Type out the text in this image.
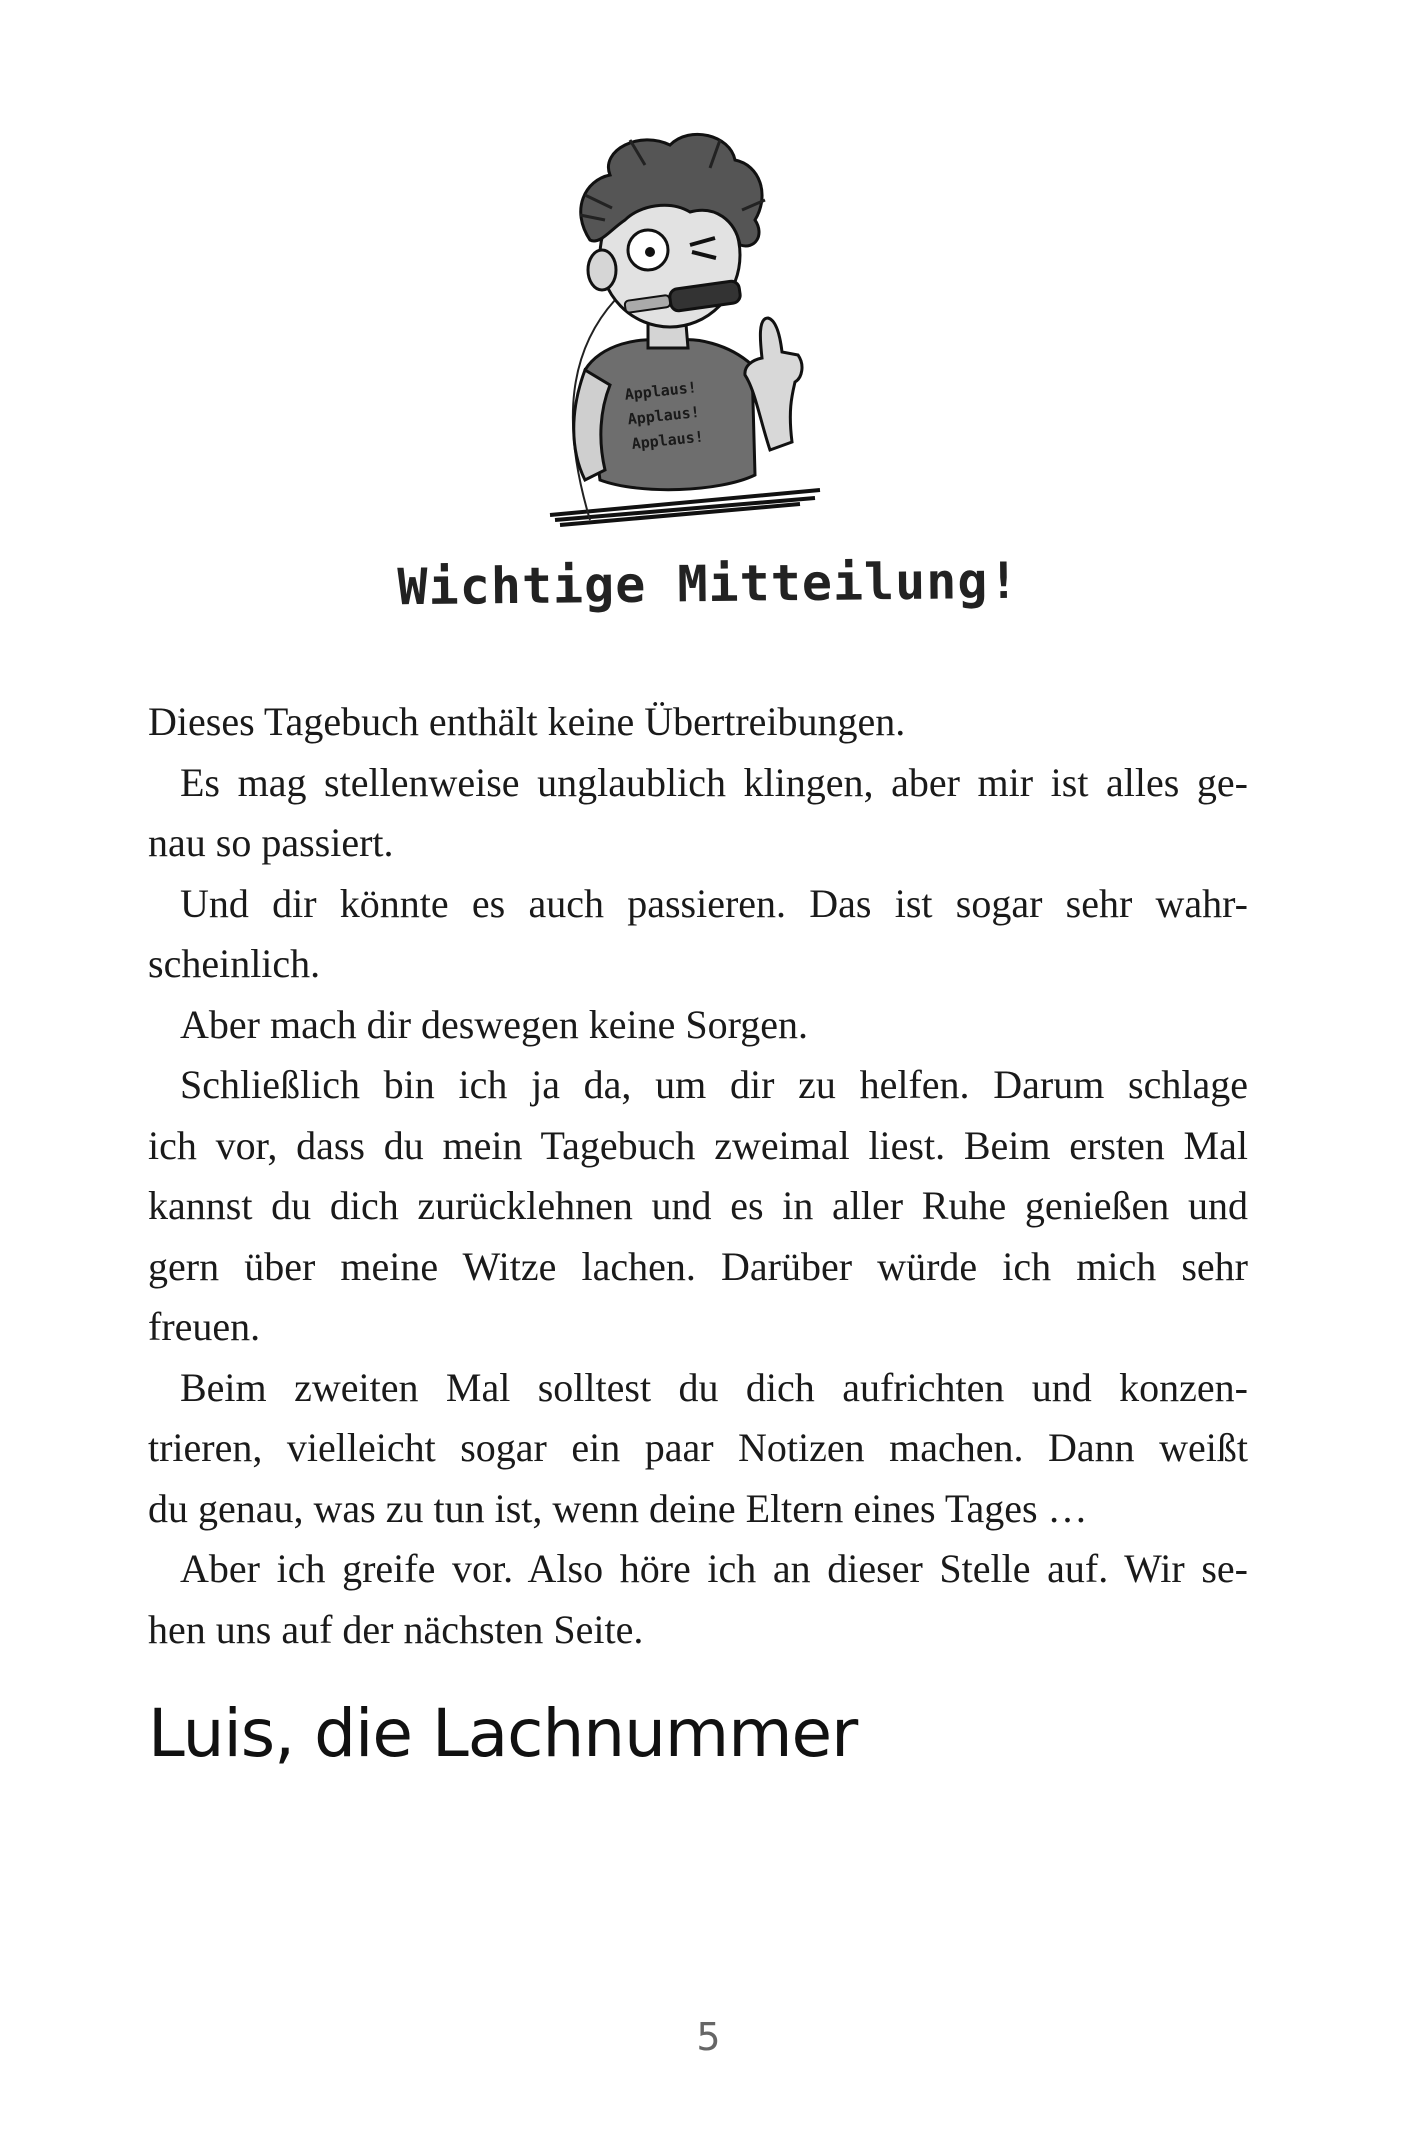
Applaus!
Applaus!
Applaus!
Wichtige Mitteilung!
Dieses Tagebuch enthält keine Übertreibungen.
Es mag stellenweise unglaublich klingen, aber mir ist alles ge-
nau so passiert.
Und dir könnte es auch passieren. Das ist sogar sehr wahr-
scheinlich.
Aber mach dir deswegen keine Sorgen.
Schließlich bin ich ja da, um dir zu helfen. Darum schlage
ich vor, dass du mein Tagebuch zweimal liest. Beim ersten Mal
kannst du dich zurücklehnen und es in aller Ruhe genießen und
gern über meine Witze lachen. Darüber würde ich mich sehr
freuen.
Beim zweiten Mal solltest du dich aufrichten und konzen-
trieren, vielleicht sogar ein paar Notizen machen. Dann weißt
du genau, was zu tun ist, wenn deine Eltern eines Tages …
Aber ich greife vor. Also höre ich an dieser Stelle auf. Wir se-
hen uns auf der nächsten Seite.
Luis, die Lachnummer
5
